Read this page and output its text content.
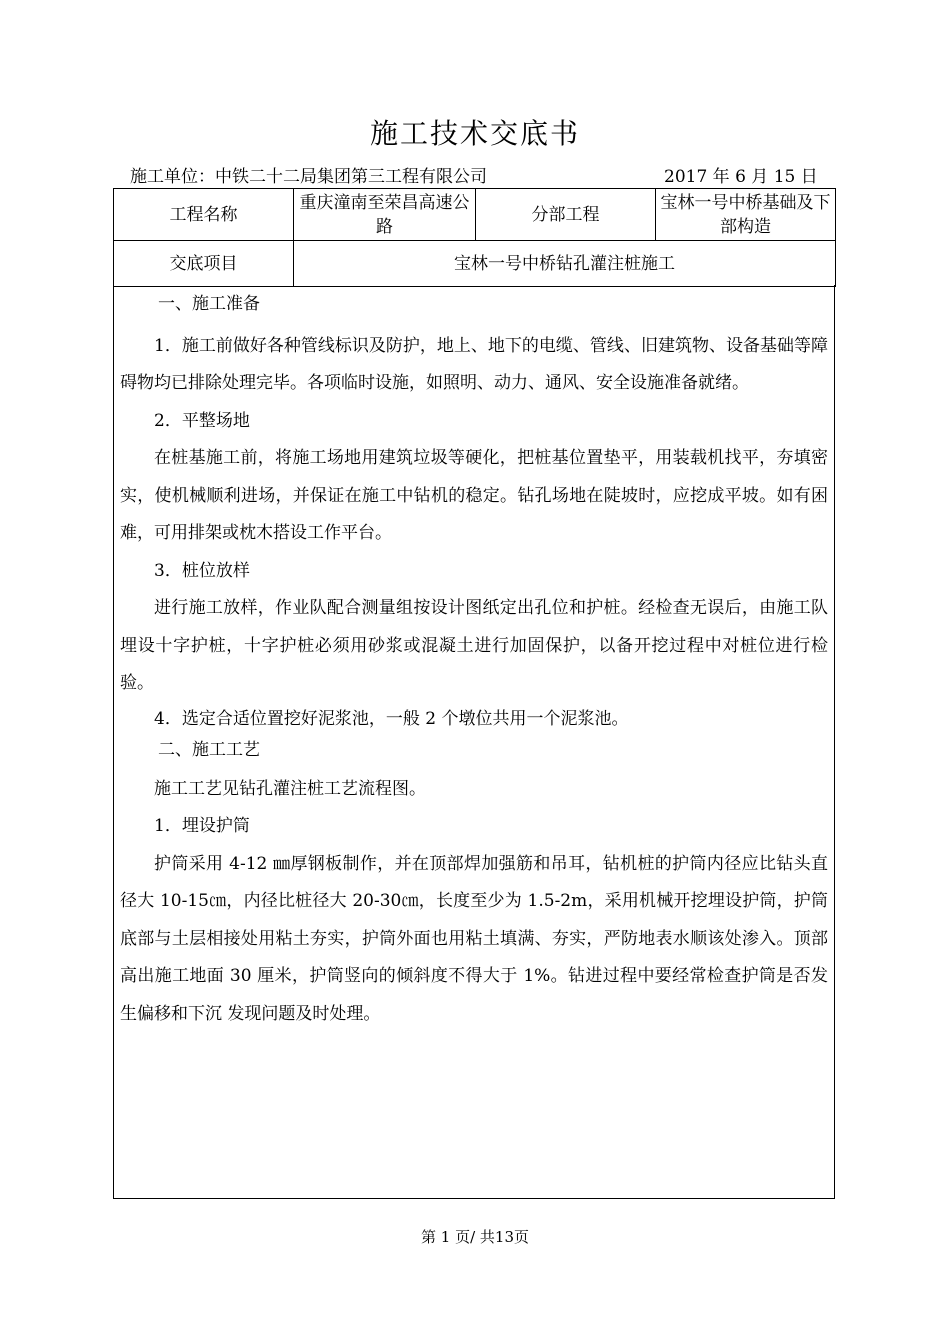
施工技术交底书
施工单位：中铁二十二局集团第三工程有限公司	2017 年 6 月 15 日
工程名称	重庆潼南至荣昌高速公路	分部工程	宝林一号中桥基础及下部构造
交底项目	宝林一号中桥钻孔灌注桩施工		

一、施工准备

1．施工前做好各种管线标识及防护，地上、地下的电缆、管线、旧建筑物、设备基础等障碍物均已排除处理完毕。各项临时设施，如照明、动力、通风、安全设施准备就绪。

2．平整场地

在桩基施工前，将施工场地用建筑垃圾等硬化，把桩基位置垫平，用装载机找平，夯填密实，使机械顺利进场，并保证在施工中钻机的稳定。钻孔场地在陡坡时，应挖成平坡。如有困难，可用排架或枕木搭设工作平台。

3．桩位放样

进行施工放样，作业队配合测量组按设计图纸定出孔位和护桩。经检查无误后，由施工队埋设十字护桩，十字护桩必须用砂浆或混凝土进行加固保护，以备开挖过程中对桩位进行检验。

4．选定合适位置挖好泥浆池，一般 2 个墩位共用一个泥浆池。

二、施工工艺

施工工艺见钻孔灌注桩工艺流程图。

1．埋设护筒

护筒采用 4-12 ㎜厚钢板制作，并在顶部焊加强筋和吊耳，钻机桩的护筒内径应比钻头直径大 10-15㎝，内径比桩径大 20-30㎝，长度至少为 1.5-2m，采用机械开挖埋设护筒，护筒底部与土层相接处用粘土夯实，护筒外面也用粘土填满、夯实，严防地表水顺该处渗入。顶部高出施工地面 30 厘米，护筒竖向的倾斜度不得大于 1%。钻进过程中要经常检查护筒是否发生偏移和下沉 发现问题及时处理。

第 1 页/ 共13页
